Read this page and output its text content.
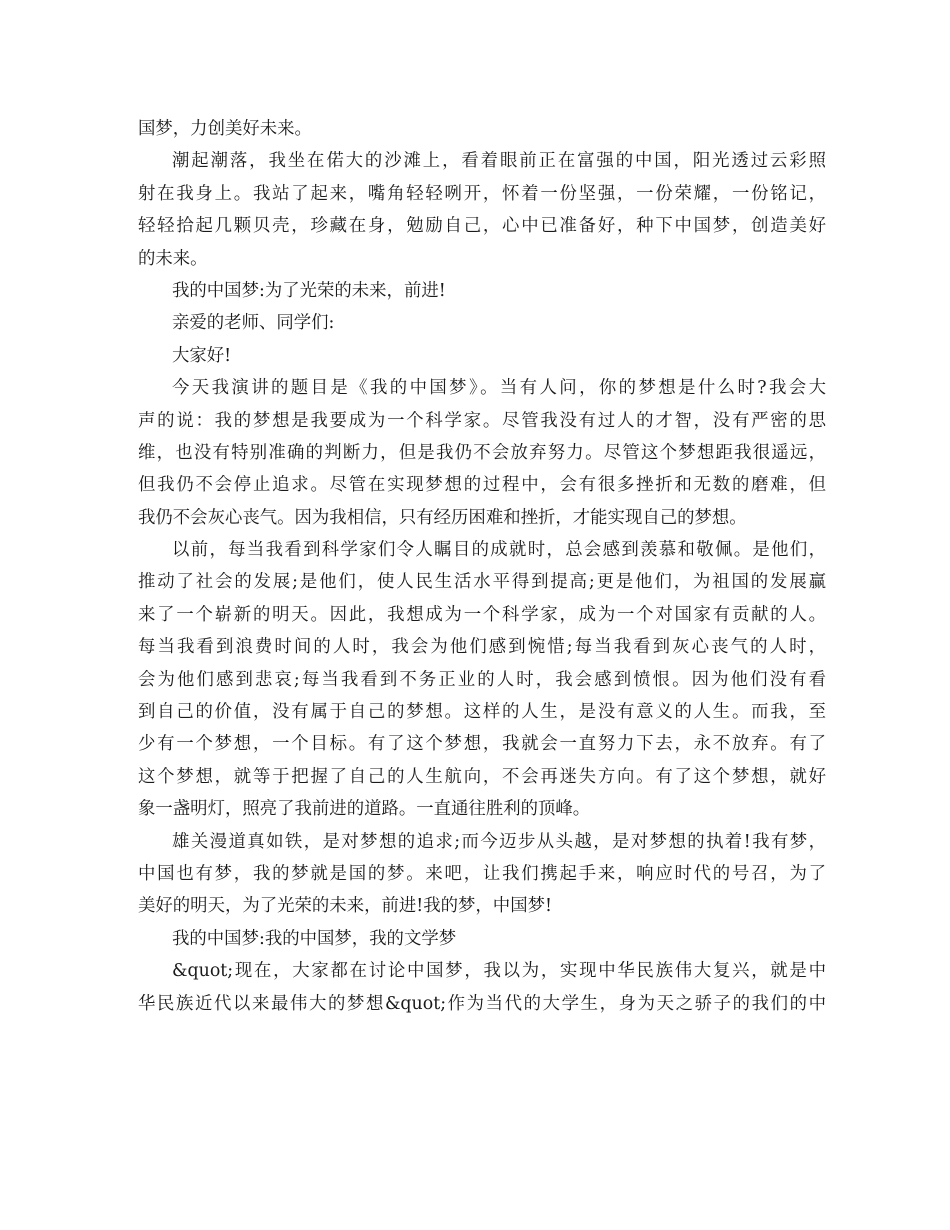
国梦，力创美好未来。
潮起潮落，我坐在偌大的沙滩上，看着眼前正在富强的中国，阳光透过云彩照
射在我身上。我站了起来，嘴角轻轻咧开，怀着一份坚强，一份荣耀，一份铭记，
轻轻拾起几颗贝壳，珍藏在身，勉励自己，心中已准备好，种下中国梦，创造美好
的未来。
我的中国梦:为了光荣的未来，前进!
亲爱的老师、同学们:
大家好!
今天我演讲的题目是《我的中国梦》。当有人问，你的梦想是什么时?我会大
声的说：我的梦想是我要成为一个科学家。尽管我没有过人的才智，没有严密的思
维，也没有特别准确的判断力，但是我仍不会放弃努力。尽管这个梦想距我很遥远，
但我仍不会停止追求。尽管在实现梦想的过程中，会有很多挫折和无数的磨难，但
我仍不会灰心丧气。因为我相信，只有经历困难和挫折，才能实现自己的梦想。
以前，每当我看到科学家们令人瞩目的成就时，总会感到羡慕和敬佩。是他们，
推动了社会的发展;是他们，使人民生活水平得到提高;更是他们，为祖国的发展赢
来了一个崭新的明天。因此，我想成为一个科学家，成为一个对国家有贡献的人。
每当我看到浪费时间的人时，我会为他们感到惋惜;每当我看到灰心丧气的人时，
会为他们感到悲哀;每当我看到不务正业的人时，我会感到愤恨。因为他们没有看
到自己的价值，没有属于自己的梦想。这样的人生，是没有意义的人生。而我，至
少有一个梦想，一个目标。有了这个梦想，我就会一直努力下去，永不放弃。有了
这个梦想，就等于把握了自己的人生航向，不会再迷失方向。有了这个梦想，就好
象一盏明灯，照亮了我前进的道路。一直通往胜利的顶峰。
雄关漫道真如铁，是对梦想的追求;而今迈步从头越，是对梦想的执着!我有梦，
中国也有梦，我的梦就是国的梦。来吧，让我们携起手来，响应时代的号召，为了
美好的明天，为了光荣的未来，前进!我的梦，中国梦!
我的中国梦:我的中国梦，我的文学梦
&quot;现在，大家都在讨论中国梦，我以为，实现中华民族伟大复兴，就是中
华民族近代以来最伟大的梦想&quot;作为当代的大学生，身为天之骄子的我们的中
